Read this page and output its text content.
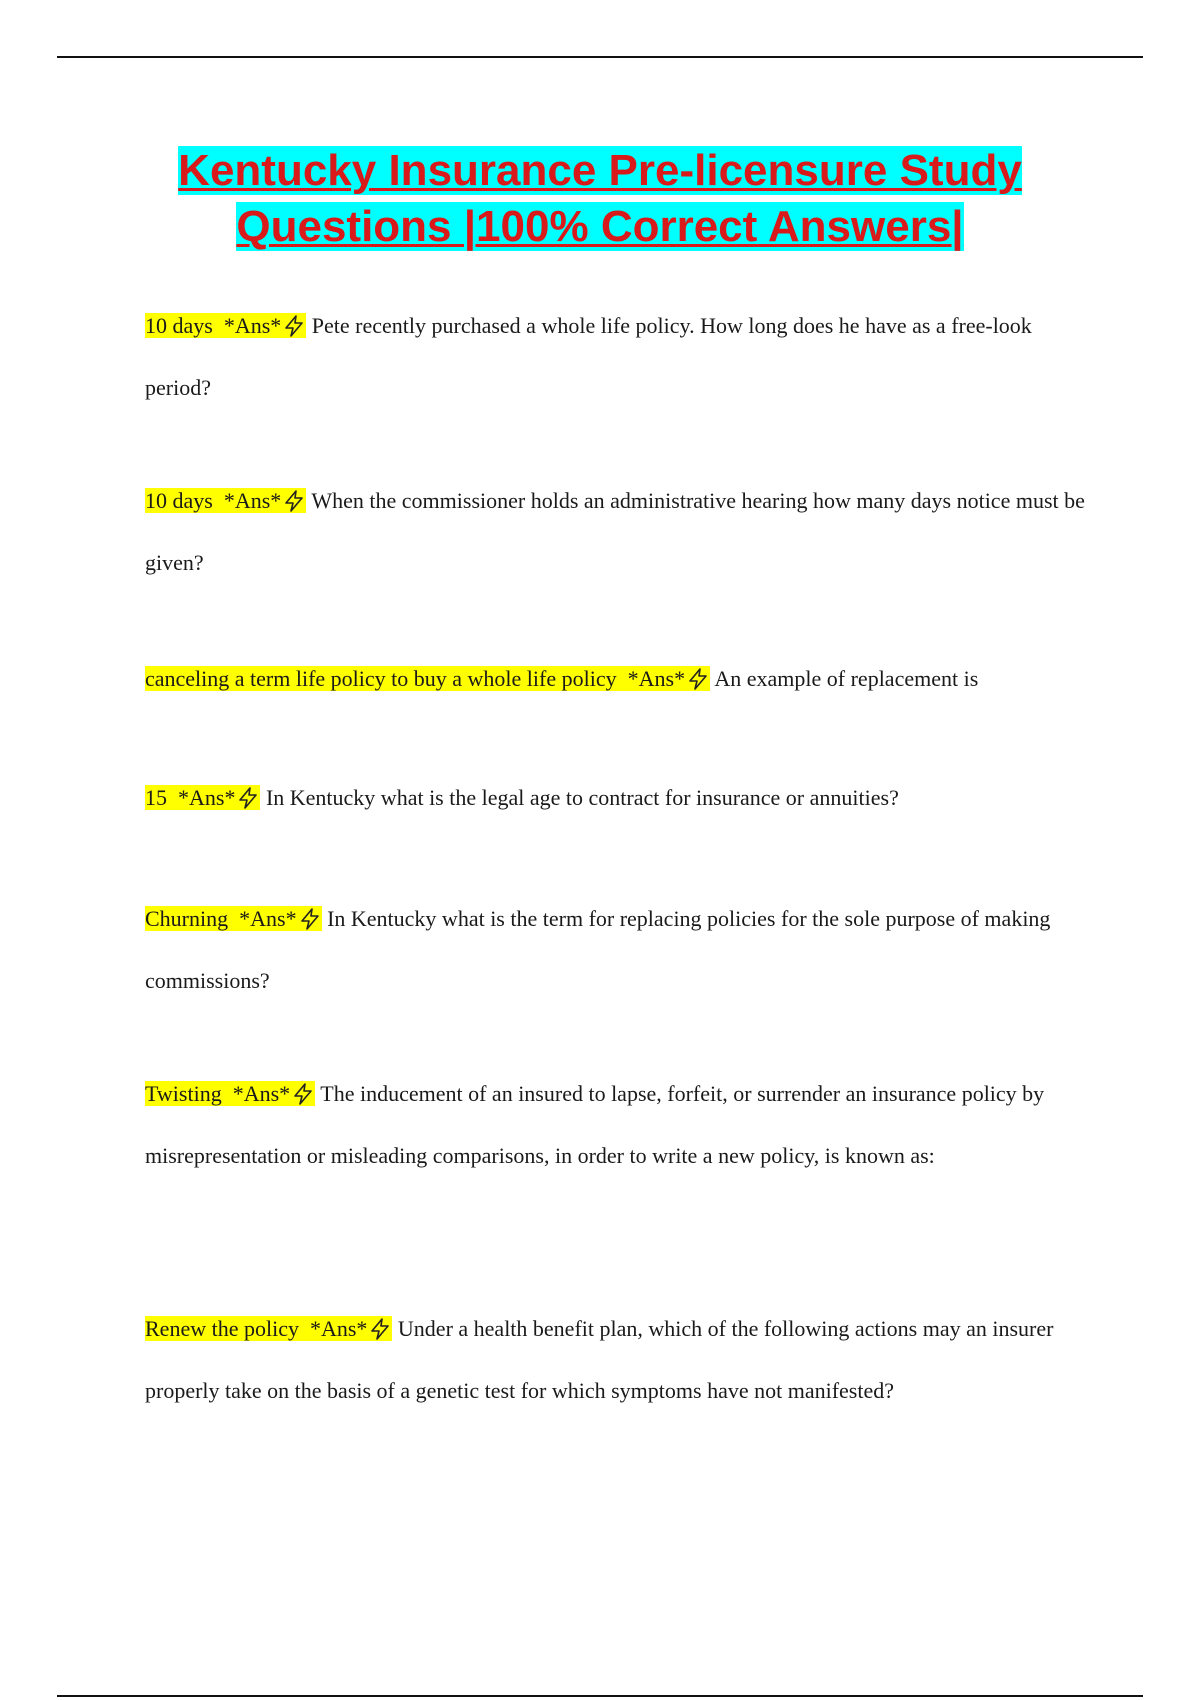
Kentucky Insurance Pre-licensure Study Questions |100% Correct Answers|
10 days *Ans* Pete recently purchased a whole life policy. How long does he have as a free-look period?
10 days *Ans* When the commissioner holds an administrative hearing how many days notice must be given?
canceling a term life policy to buy a whole life policy *Ans* An example of replacement is
15 *Ans* In Kentucky what is the legal age to contract for insurance or annuities?
Churning *Ans* In Kentucky what is the term for replacing policies for the sole purpose of making commissions?
Twisting *Ans* The inducement of an insured to lapse, forfeit, or surrender an insurance policy by misrepresentation or misleading comparisons, in order to write a new policy, is known as:
Renew the policy *Ans* Under a health benefit plan, which of the following actions may an insurer properly take on the basis of a genetic test for which symptoms have not manifested?
